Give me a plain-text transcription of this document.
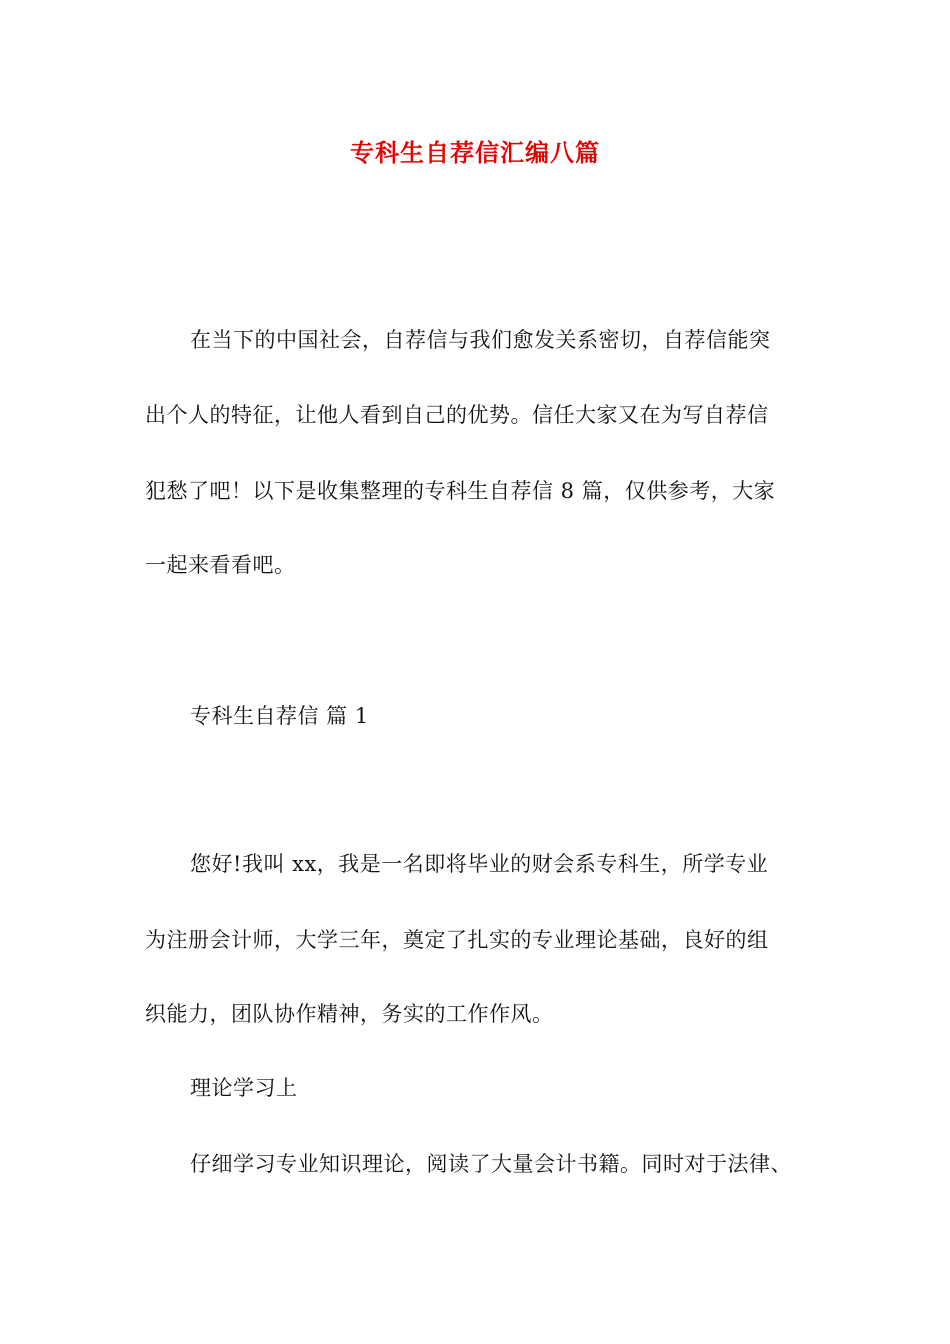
专科生自荐信汇编八篇
在当下的中国社会，自荐信与我们愈发关系密切，自荐信能突
出个人的特征，让他人看到自己的优势。信任大家又在为写自荐信
犯愁了吧！以下是收集整理的专科生自荐信 8 篇，仅供参考，大家
一起来看看吧。
专科生自荐信 篇 1
您好!我叫 xx，我是一名即将毕业的财会系专科生，所学专业
为注册会计师，大学三年，奠定了扎实的专业理论基础，良好的组
织能力，团队协作精神，务实的工作作风。
理论学习上
仔细学习专业知识理论，阅读了大量会计书籍。同时对于法律、
